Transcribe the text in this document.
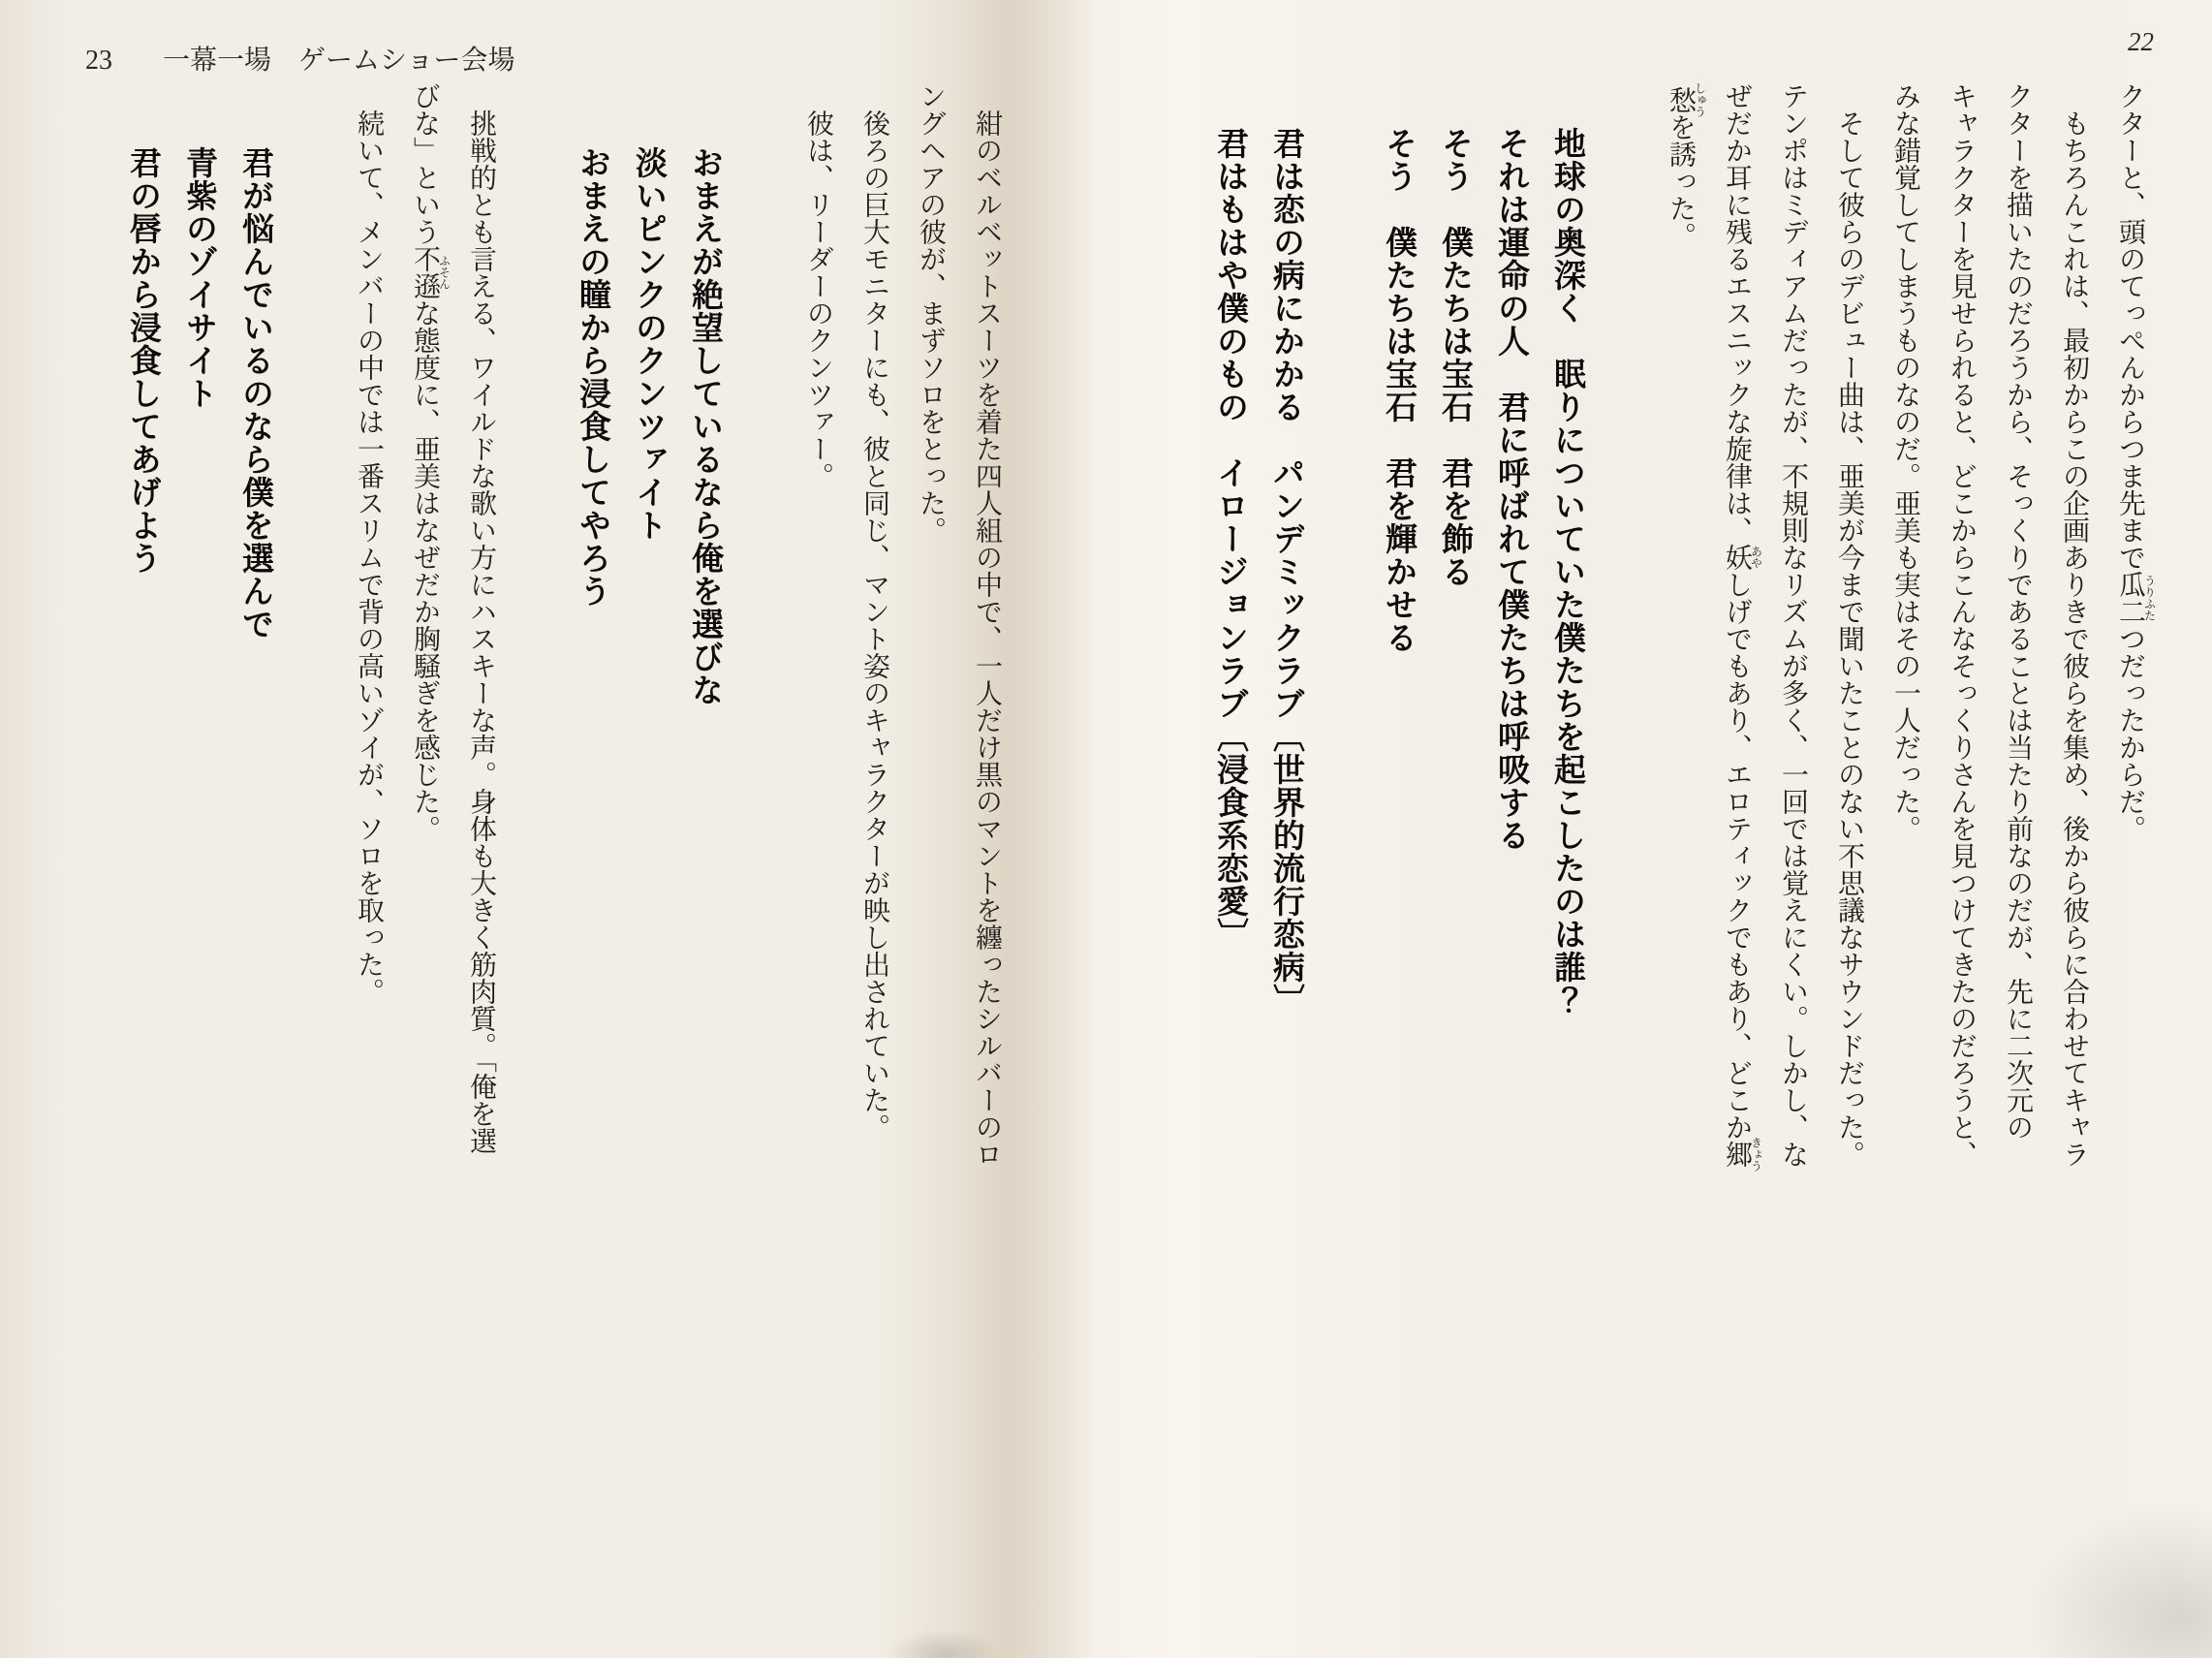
23 一幕一場　ゲームショー会場

紺のベルベットスーツを着た四人組の中で、一人だけ黒のマントを纏ったシルバーのロ

ングヘアの彼が、まずソロをとった。

後ろの巨大モニターにも、彼と同じ、マント姿のキャラクターが映し出されていた。

彼は、リーダーのクンツァー。

おまえが絶望しているなら俺を選びな

淡いピンクのクンツァイト

おまえの瞳から浸食してやろう

挑戦的とも言える、ワイルドな歌い方にハスキーな声。身体も大きく筋肉質。「俺を選

びな」という不遜ふそんな態度に、亜美はなぜだか胸騒ぎを感じた。

続いて、メンバーの中では一番スリムで背の高いゾイが、ソロを取った。

君が悩んでいるのなら僕を選んで

青紫のゾイサイト

君の唇から浸食してあげよう

22

クターと、頭のてっぺんからつま先まで瓜二うりふたつだったからだ。

もちろんこれは、最初からこの企画ありきで彼らを集め、後から彼らに合わせてキャラ

クターを描いたのだろうから、そっくりであることは当たり前なのだが、先に二次元の

キャラクターを見せられると、どこからこんなそっくりさんを見つけてきたのだろうと、

みな錯覚してしまうものなのだ。亜美も実はその一人だった。

そして彼らのデビュー曲は、亜美が今まで聞いたことのない不思議なサウンドだった。

テンポはミディアムだったが、不規則なリズムが多く、一回では覚えにくい。しかし、な

ぜだか耳に残るエスニックな旋律は、妖あやしげでもあり、エロティックでもあり、どこか郷きょう

愁しゅうを誘った。

地球の奥深く　眠りについていた僕たちを起こしたのは誰？

それは運命の人　君に呼ばれて僕たちは呼吸する

そう　僕たちは宝石　君を飾る

そう　僕たちは宝石　君を輝かせる

君は恋の病にかかる　パンデミックラブ〔世界的流行恋病〕

君はもはや僕のもの　イロージョンラブ〔浸食系恋愛〕
